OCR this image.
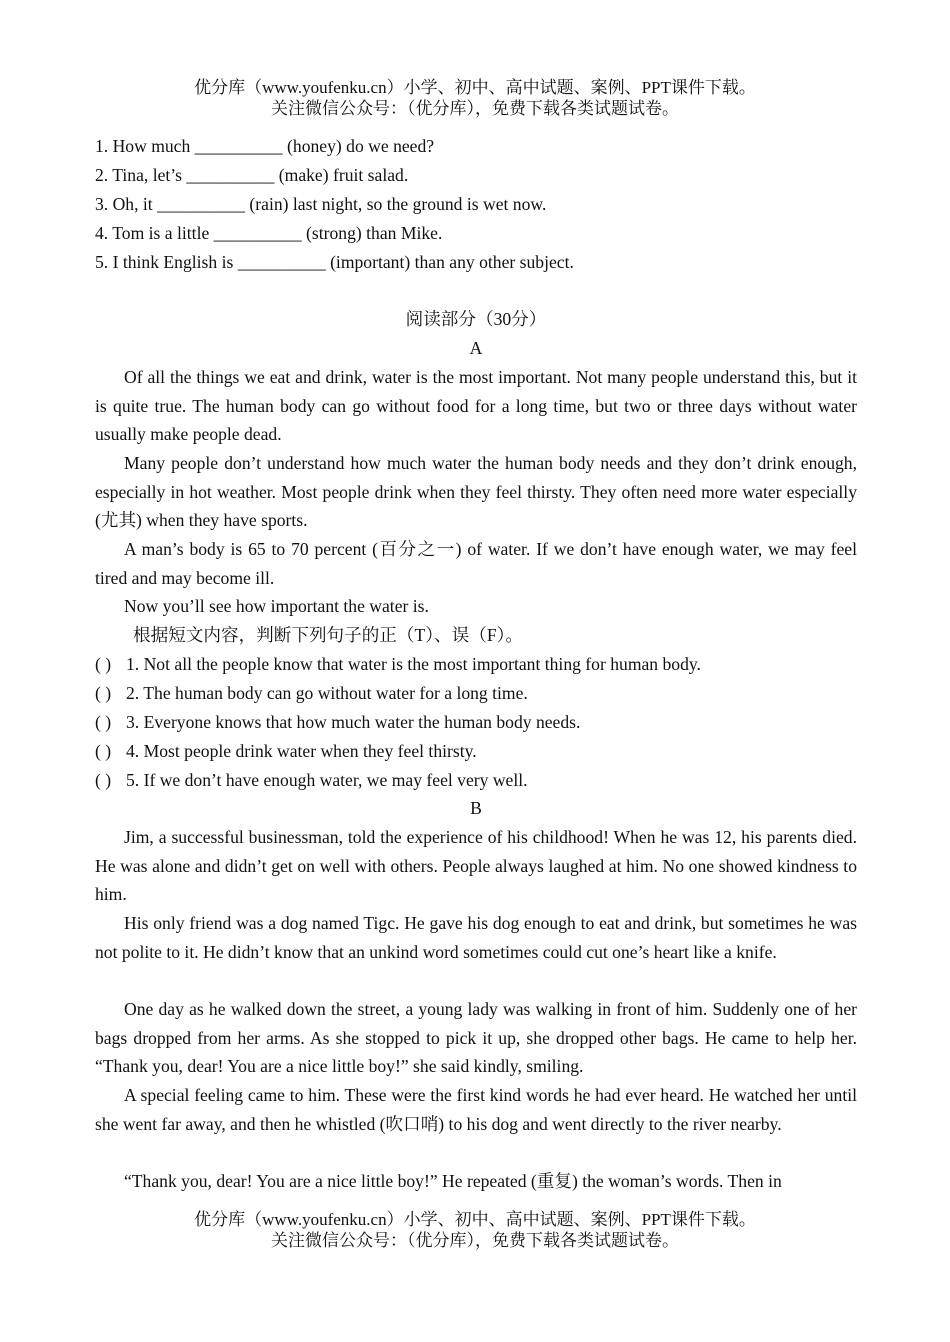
优分库（www.youfenku.cn）小学、初中、高中试题、案例、PPT课件下载。
关注微信公众号：（优分库），免费下载各类试题试卷。
1. How much __________ (honey) do we need?
2. Tina, let’s __________ (make) fruit salad.
3. Oh, it __________ (rain) last night, so the ground is wet now.
4. Tom is a little __________ (strong) than Mike.
5. I think English is __________ (important) than any other subject.
阅读部分（30分）
A
Of all the things we eat and drink, water is the most important. Not many people understand this, but it is quite true. The human body can go without food for a long time, but two or three days without water usually make people dead.
Many people don’t understand how much water the human body needs and they don’t drink enough, especially in hot weather. Most people drink when they feel thirsty. They often need more water especially (尤其) when they have sports.
A man’s body is 65 to 70 percent (百分之一) of water. If we don’t have enough water, we may feel tired and may become ill.
Now you’ll see how important the water is.
根据短文内容，判断下列句子的正（T）、误（F）。
( ) 1. Not all the people know that water is the most important thing for human body.
( ) 2. The human body can go without water for a long time.
( ) 3. Everyone knows that how much water the human body needs.
( ) 4. Most people drink water when they feel thirsty.
( ) 5. If we don’t have enough water, we may feel very well.
B
Jim, a successful businessman, told the experience of his childhood! When he was 12, his parents died. He was alone and didn’t get on well with others. People always laughed at him. No one showed kindness to him.
His only friend was a dog named Tigc. He gave his dog enough to eat and drink, but sometimes he was not polite to it. He didn’t know that an unkind word sometimes could cut one’s heart like a knife.
One day as he walked down the street, a young lady was walking in front of him. Suddenly one of her bags dropped from her arms. As she stopped to pick it up, she dropped other bags. He came to help her. “Thank you, dear! You are a nice little boy!” she said kindly, smiling.
A special feeling came to him. These were the first kind words he had ever heard. He watched her until she went far away, and then he whistled (吹口哨) to his dog and went directly to the river nearby.
“Thank you, dear! You are a nice little boy!” He repeated (重复) the woman’s words. Then in
优分库（www.youfenku.cn）小学、初中、高中试题、案例、PPT课件下载。
关注微信公众号：（优分库），免费下载各类试题试卷。
